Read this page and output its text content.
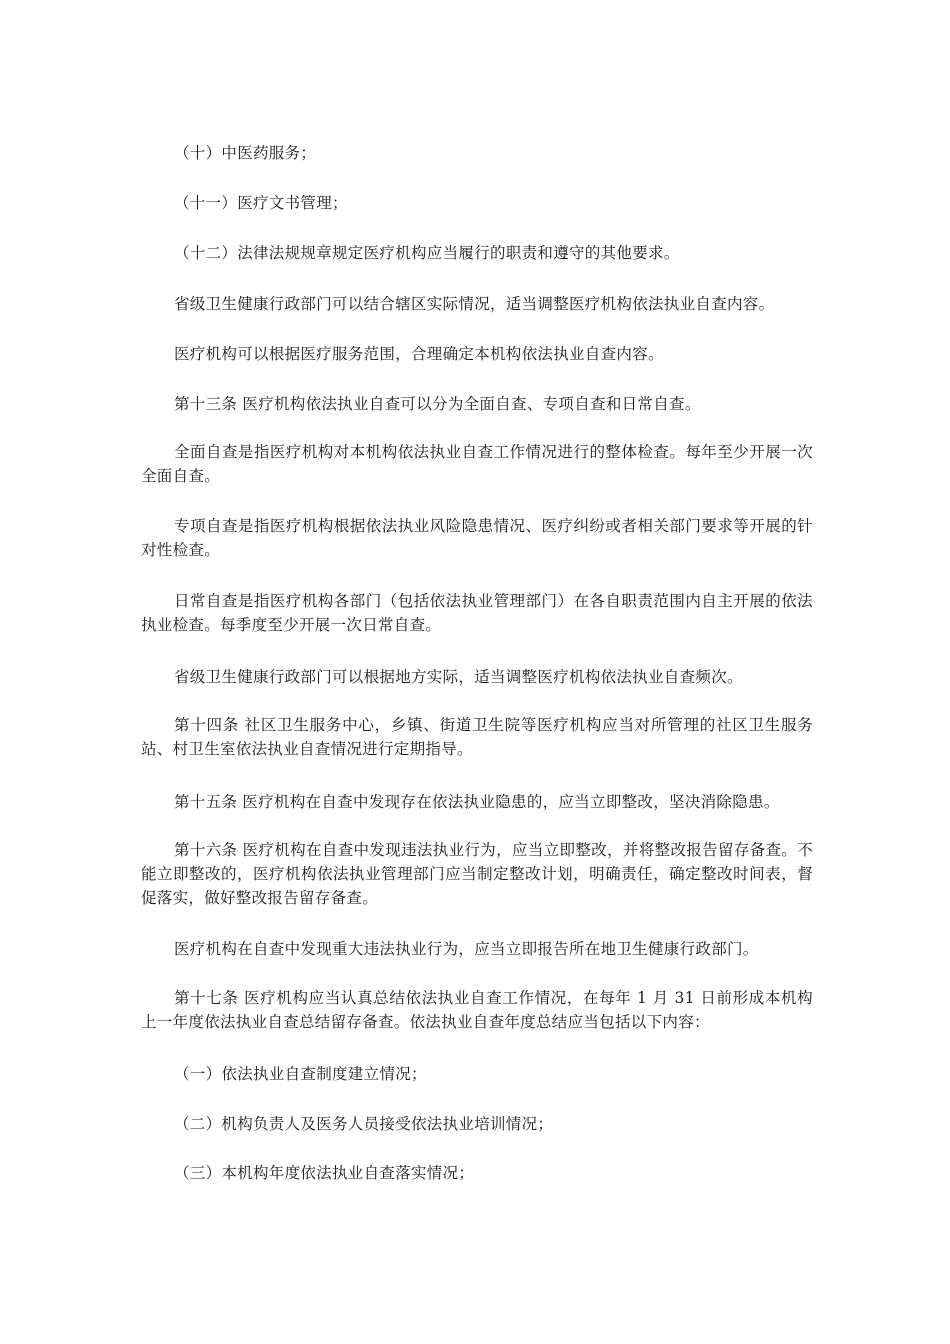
（十）中医药服务；

（十一）医疗文书管理；

（十二）法律法规规章规定医疗机构应当履行的职责和遵守的其他要求。

省级卫生健康行政部门可以结合辖区实际情况，适当调整医疗机构依法执业自查内容。

医疗机构可以根据医疗服务范围，合理确定本机构依法执业自查内容。

第十三条 医疗机构依法执业自查可以分为全面自查、专项自查和日常自查。

全面自查是指医疗机构对本机构依法执业自查工作情况进行的整体检查。每年至少开展一次全面自查。

专项自查是指医疗机构根据依法执业风险隐患情况、医疗纠纷或者相关部门要求等开展的针对性检查。

日常自查是指医疗机构各部门（包括依法执业管理部门）在各自职责范围内自主开展的依法执业检查。每季度至少开展一次日常自查。

省级卫生健康行政部门可以根据地方实际，适当调整医疗机构依法执业自查频次。

第十四条 社区卫生服务中心，乡镇、街道卫生院等医疗机构应当对所管理的社区卫生服务站、村卫生室依法执业自查情况进行定期指导。

第十五条 医疗机构在自查中发现存在依法执业隐患的，应当立即整改，坚决消除隐患。

第十六条 医疗机构在自查中发现违法执业行为，应当立即整改，并将整改报告留存备查。不能立即整改的，医疗机构依法执业管理部门应当制定整改计划，明确责任，确定整改时间表，督促落实，做好整改报告留存备查。

医疗机构在自查中发现重大违法执业行为，应当立即报告所在地卫生健康行政部门。

第十七条 医疗机构应当认真总结依法执业自查工作情况，在每年 1 月 31 日前形成本机构上一年度依法执业自查总结留存备查。依法执业自查年度总结应当包括以下内容：

（一）依法执业自查制度建立情况；

（二）机构负责人及医务人员接受依法执业培训情况；

（三）本机构年度依法执业自查落实情况；
